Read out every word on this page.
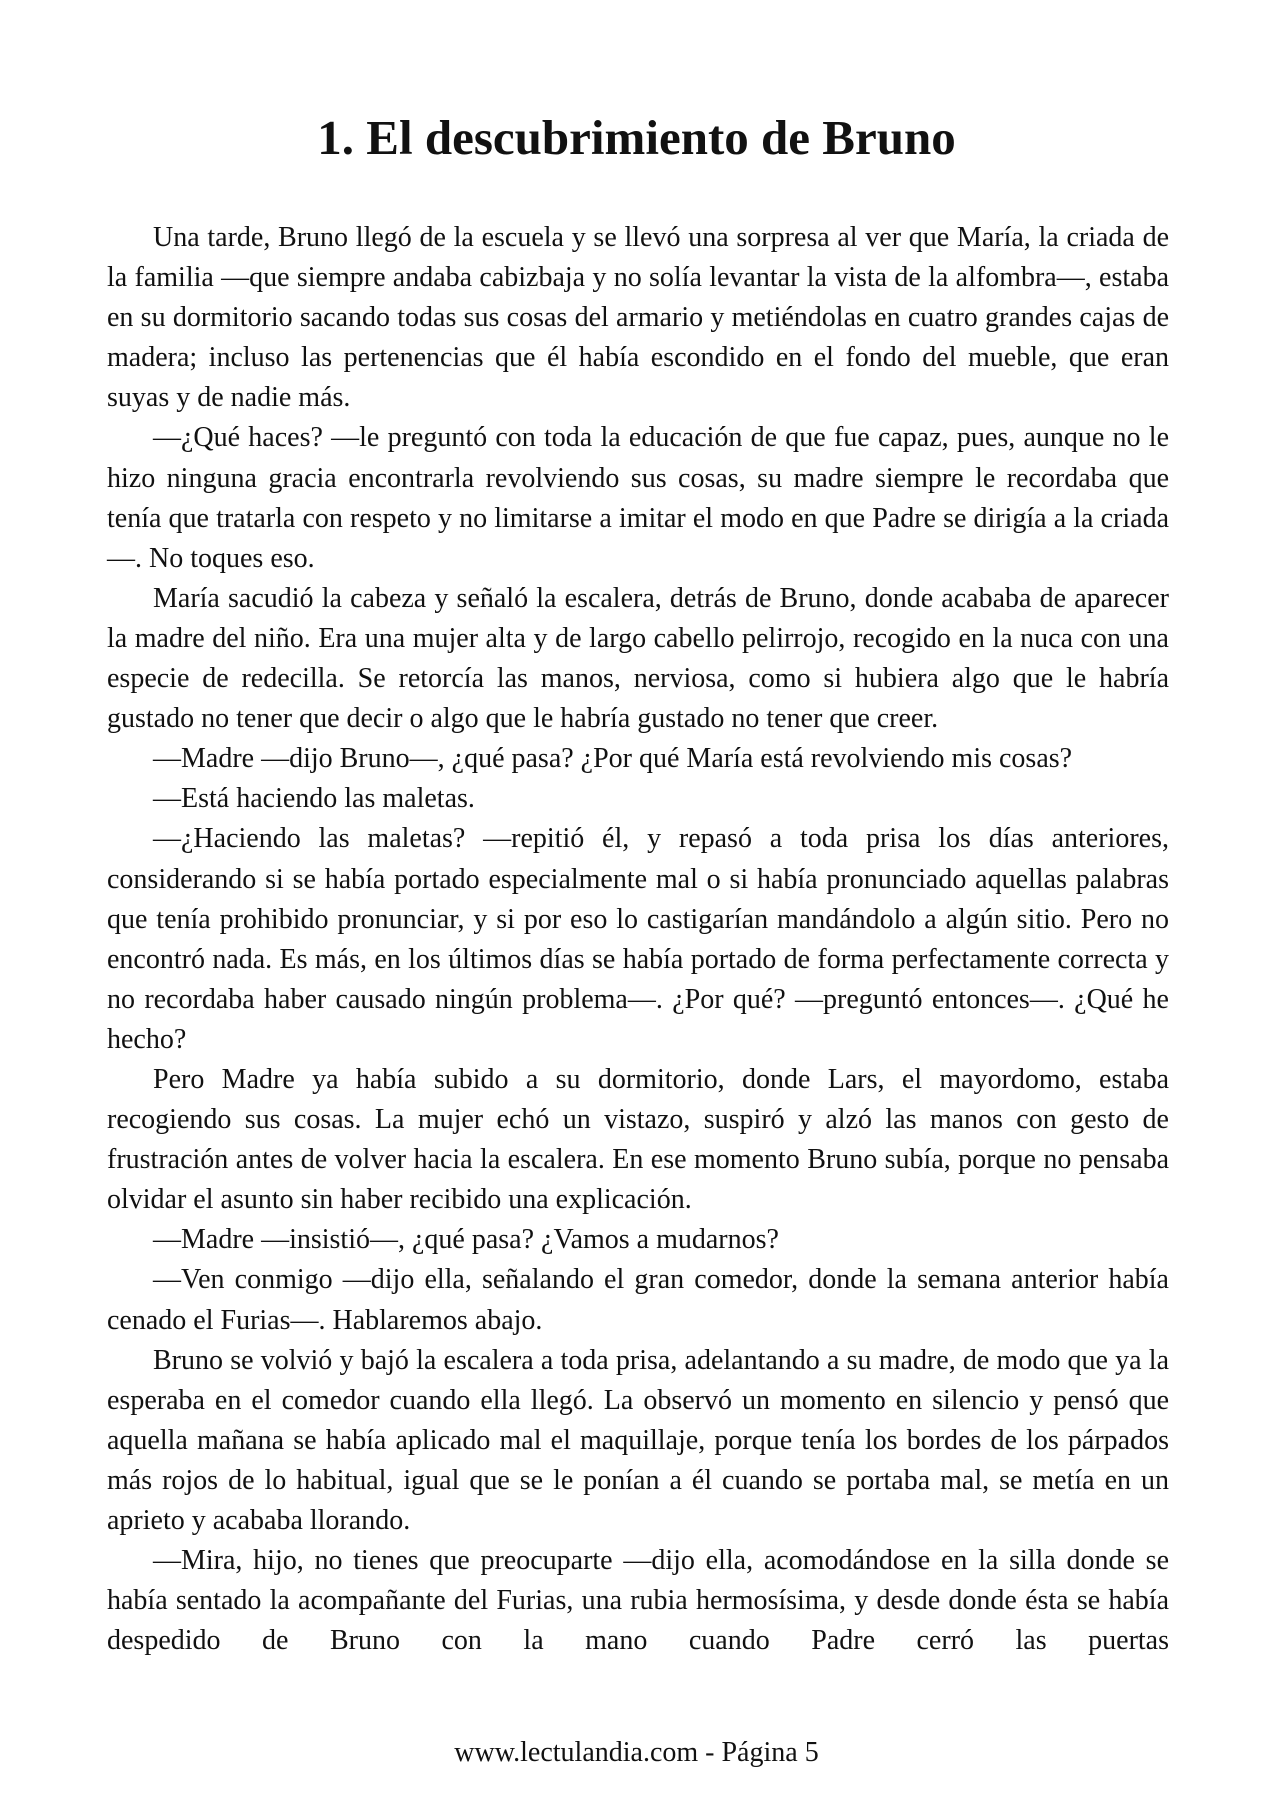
1. El descubrimiento de Bruno

Una tarde, Bruno llegó de la escuela y se llevó una sorpresa al ver que María, la criada de la familia —que siempre andaba cabizbaja y no solía levantar la vista de la alfombra—, estaba en su dormitorio sacando todas sus cosas del armario y metiéndolas en cuatro grandes cajas de madera; incluso las pertenencias que él había escondido en el fondo del mueble, que eran suyas y de nadie más.

—¿Qué haces? —le preguntó con toda la educación de que fue capaz, pues, aunque no le hizo ninguna gracia encontrarla revolviendo sus cosas, su madre siempre le recordaba que tenía que tratarla con respeto y no limitarse a imitar el modo en que Padre se dirigía a la criada—. No toques eso.

María sacudió la cabeza y señaló la escalera, detrás de Bruno, donde acababa de aparecer la madre del niño. Era una mujer alta y de largo cabello pelirrojo, recogido en la nuca con una especie de redecilla. Se retorcía las manos, nerviosa, como si hubiera algo que le habría gustado no tener que decir o algo que le habría gustado no tener que creer.

—Madre —dijo Bruno—, ¿qué pasa? ¿Por qué María está revolviendo mis cosas?

—Está haciendo las maletas.

—¿Haciendo las maletas? —repitió él, y repasó a toda prisa los días anteriores, considerando si se había portado especialmente mal o si había pronunciado aquellas palabras que tenía prohibido pronunciar, y si por eso lo castigarían mandándolo a algún sitio. Pero no encontró nada. Es más, en los últimos días se había portado de forma perfectamente correcta y no recordaba haber causado ningún problema—. ¿Por qué? —preguntó entonces—. ¿Qué he hecho?

Pero Madre ya había subido a su dormitorio, donde Lars, el mayordomo, estaba recogiendo sus cosas. La mujer echó un vistazo, suspiró y alzó las manos con gesto de frustración antes de volver hacia la escalera. En ese momento Bruno subía, porque no pensaba olvidar el asunto sin haber recibido una explicación.

—Madre —insistió—, ¿qué pasa? ¿Vamos a mudarnos?

—Ven conmigo —dijo ella, señalando el gran comedor, donde la semana anterior había cenado el Furias—. Hablaremos abajo.

Bruno se volvió y bajó la escalera a toda prisa, adelantando a su madre, de modo que ya la esperaba en el comedor cuando ella llegó. La observó un momento en silencio y pensó que aquella mañana se había aplicado mal el maquillaje, porque tenía los bordes de los párpados más rojos de lo habitual, igual que se le ponían a él cuando se portaba mal, se metía en un aprieto y acababa llorando.

—Mira, hijo, no tienes que preocuparte —dijo ella, acomodándose en la silla donde se había sentado la acompañante del Furias, una rubia hermosísima, y desde donde ésta se había despedido de Bruno con la mano cuando Padre cerró las puertas

www.lectulandia.com - Página 5
